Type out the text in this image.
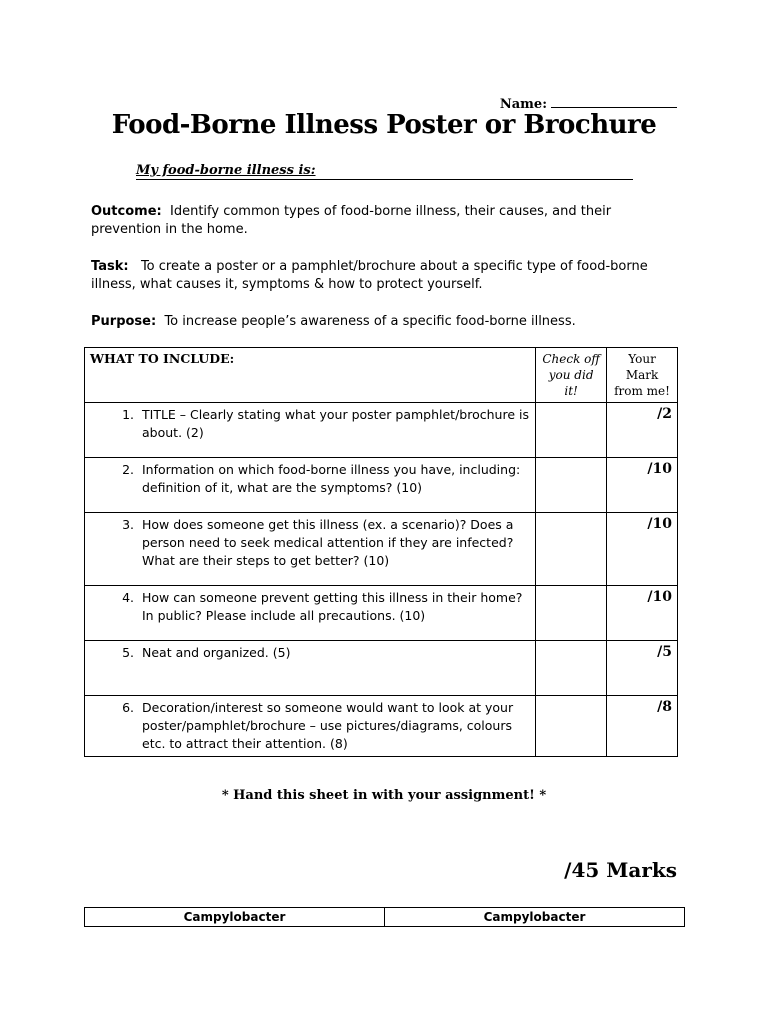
Name:
Food-Borne Illness Poster or Brochure
My food-borne illness is:
Outcome: Identify common types of food-borne illness, their causes, and their prevention in the home.
Task: To create a poster or a pamphlet/brochure about a specific type of food-borne illness, what causes it, symptoms & how to protect yourself.
Purpose: To increase people’s awareness of a specific food-borne illness.
WHAT TO INCLUDE:	Check off you did it!	Your Mark from me!

1. TITLE – Clearly stating what your poster pamphlet/brochure is about. (2)		/2

2. Information on which food-borne illness you have, including: definition of it, what are the symptoms? (10)		/10

3. How does someone get this illness (ex. a scenario)? Does a person need to seek medical attention if they are infected? What are their steps to get better? (10)		/10

4. How can someone prevent getting this illness in their home? In public? Please include all precautions. (10)		/10

5. Neat and organized. (5)		/5

6. Decoration/interest so someone would want to look at your poster/pamphlet/brochure – use pictures/diagrams, colours etc. to attract their attention. (8)		/8
* Hand this sheet in with your assignment! *
/45 Marks
Campylobacter	Campylobacter
